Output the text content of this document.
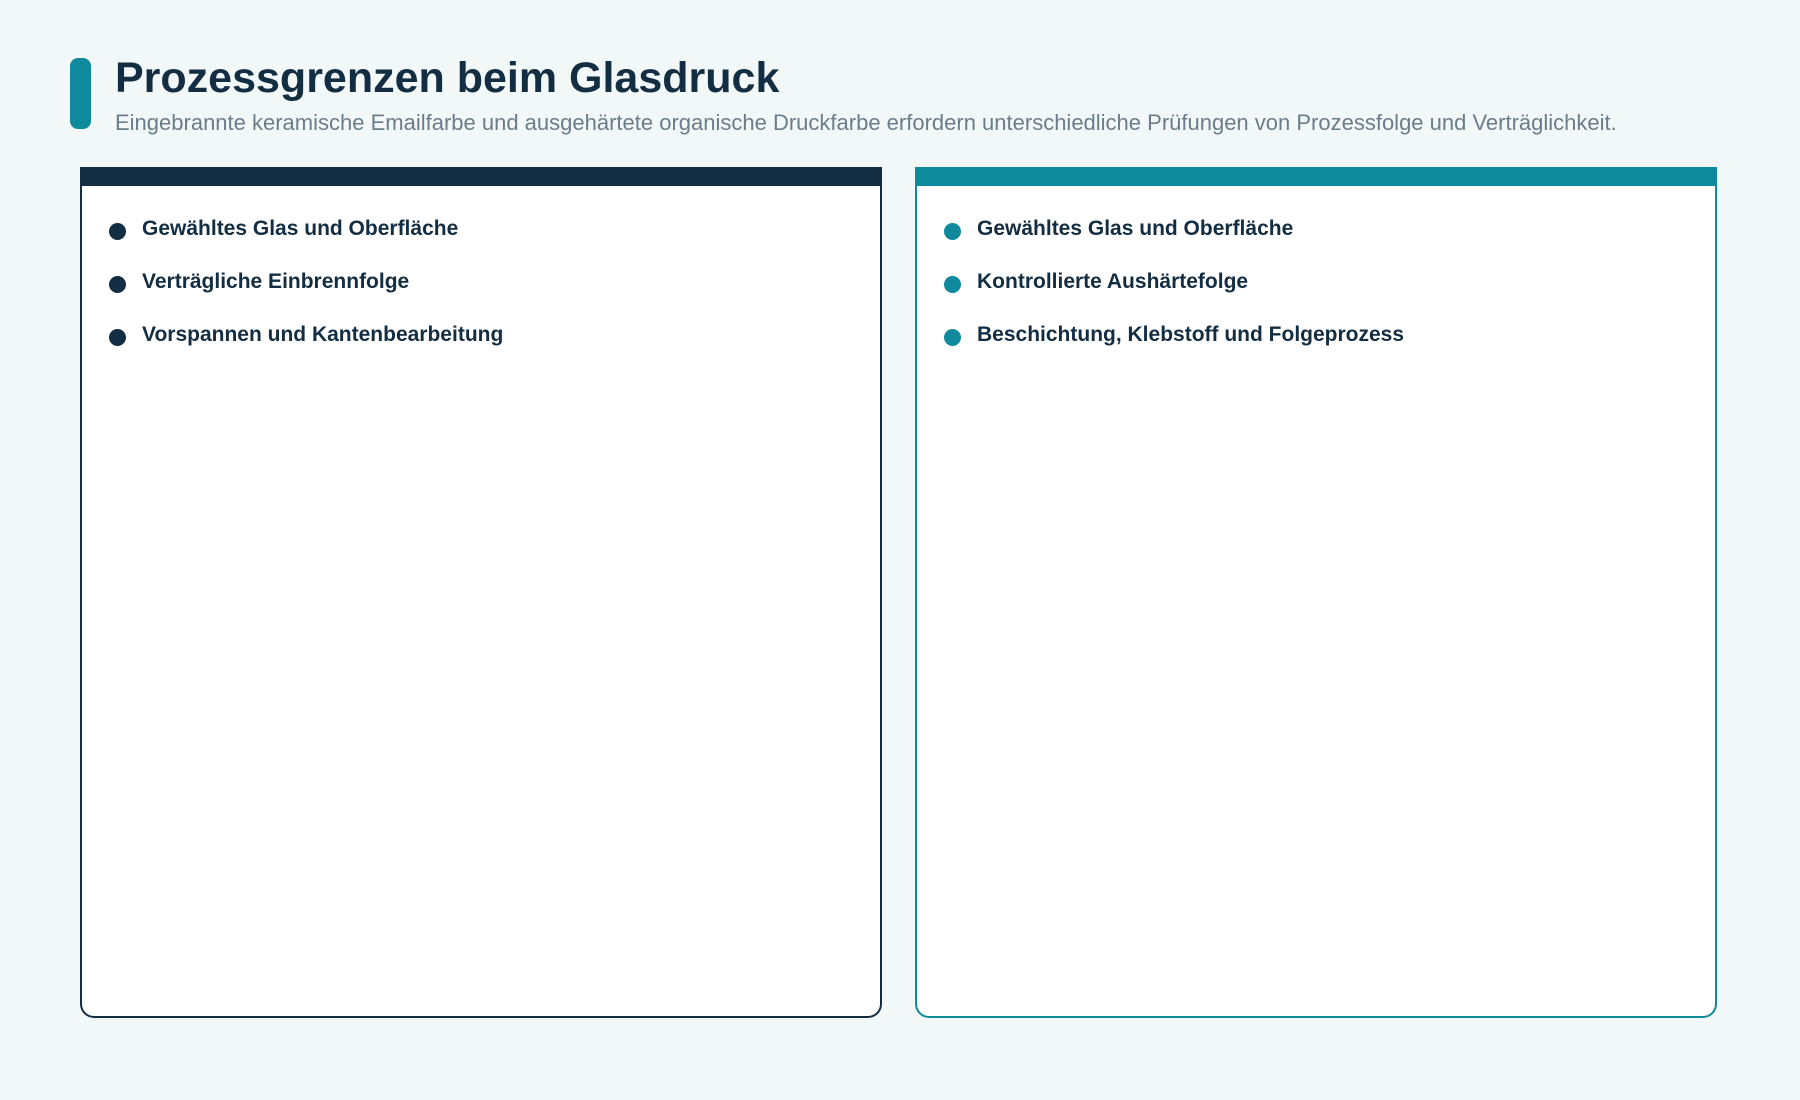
Prozessgrenzen beim Glasdruck

Eingebrannte keramische Emailfarbe und ausgehärtete organische Druckfarbe erfordern unterschiedliche Prüfungen von Prozessfolge und Verträglichkeit.

Gewähltes Glas und Oberfläche
Verträgliche Einbrennfolge
Vorspannen und Kantenbearbeitung
Gewähltes Glas und Oberfläche
Kontrollierte Aushärtefolge
Beschichtung, Klebstoff und Folgeprozess
